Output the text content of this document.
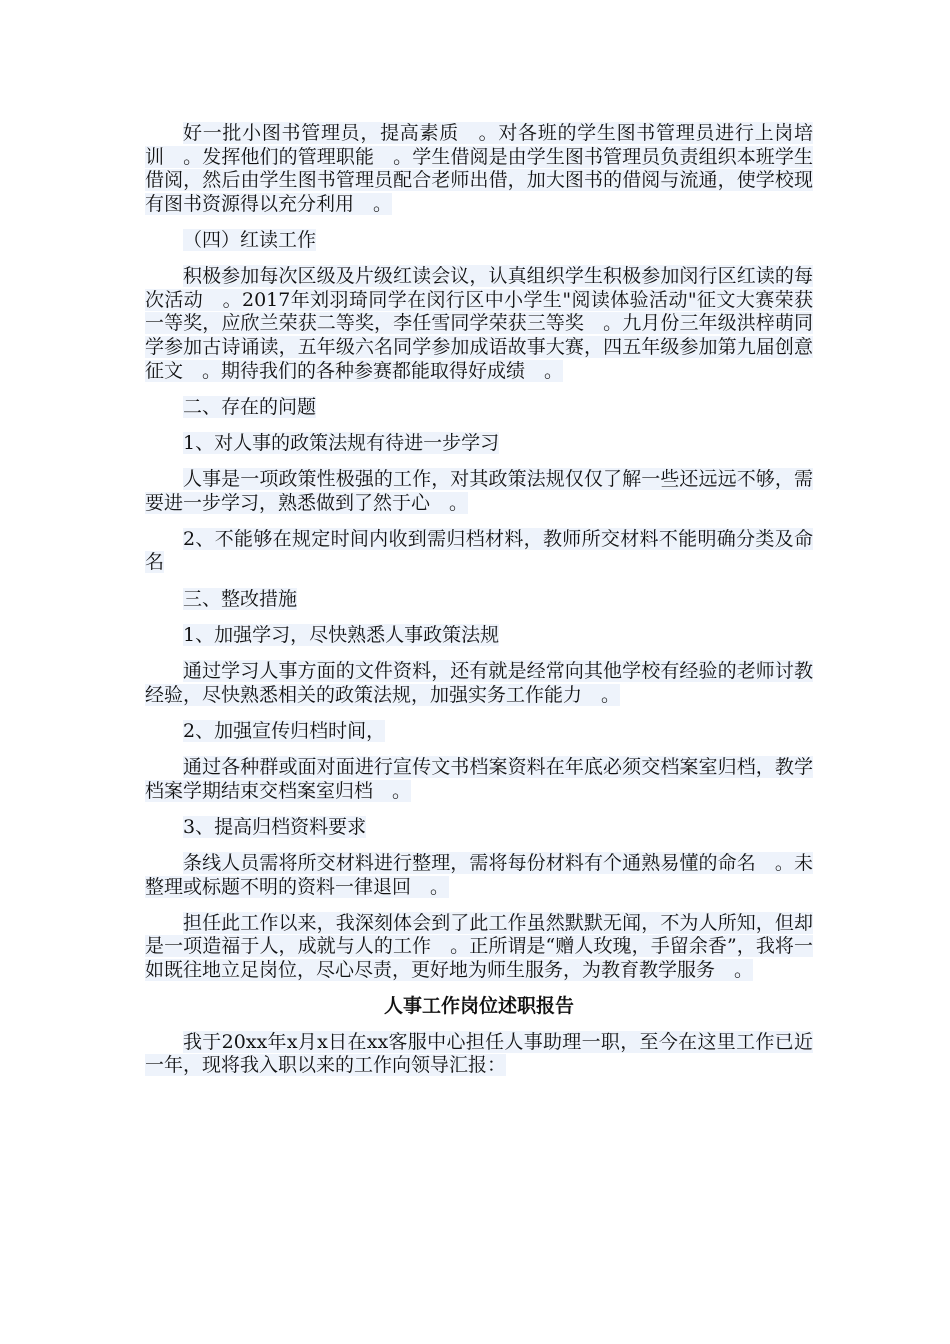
好一批小图书管理员，提高素质　。对各班的学生图书管理员进行上岗培训　。发挥他们的管理职能　。学生借阅是由学生图书管理员负责组织本班学生借阅，然后由学生图书管理员配合老师出借，加大图书的借阅与流通，使学校现有图书资源得以充分利用　。

（四）红读工作

积极参加每次区级及片级红读会议，认真组织学生积极参加闵行区红读的每次活动　。2017年刘羽琦同学在闵行区中小学生"阅读体验活动"征文大赛荣获一等奖，应欣兰荣获二等奖，李任雪同学荣获三等奖　。九月份三年级洪梓萌同学参加古诗诵读，五年级六名同学参加成语故事大赛，四五年级参加第九届创意征文　。期待我们的各种参赛都能取得好成绩　。

二、存在的问题

1、对人事的政策法规有待进一步学习

人事是一项政策性极强的工作，对其政策法规仅仅了解一些还远远不够，需要进一步学习，熟悉做到了然于心　。

2、不能够在规定时间内收到需归档材料，教师所交材料不能明确分类及命名

三、整改措施

1、加强学习，尽快熟悉人事政策法规

通过学习人事方面的文件资料，还有就是经常向其他学校有经验的老师讨教经验，尽快熟悉相关的政策法规，加强实务工作能力　。

2、加强宣传归档时间，

通过各种群或面对面进行宣传文书档案资料在年底必须交档案室归档，教学档案学期结束交档案室归档　。

3、提高归档资料要求

条线人员需将所交材料进行整理，需将每份材料有个通熟易懂的命名　。未整理或标题不明的资料一律退回　。

担任此工作以来，我深刻体会到了此工作虽然默默无闻，不为人所知，但却是一项造福于人，成就与人的工作　。正所谓是“赠人玫瑰，手留余香”，我将一如既往地立足岗位，尽心尽责，更好地为师生服务，为教育教学服务　。

人事工作岗位述职报告

我于20xx年x月x日在xx客服中心担任人事助理一职，至今在这里工作已近一年，现将我入职以来的工作向领导汇报：
